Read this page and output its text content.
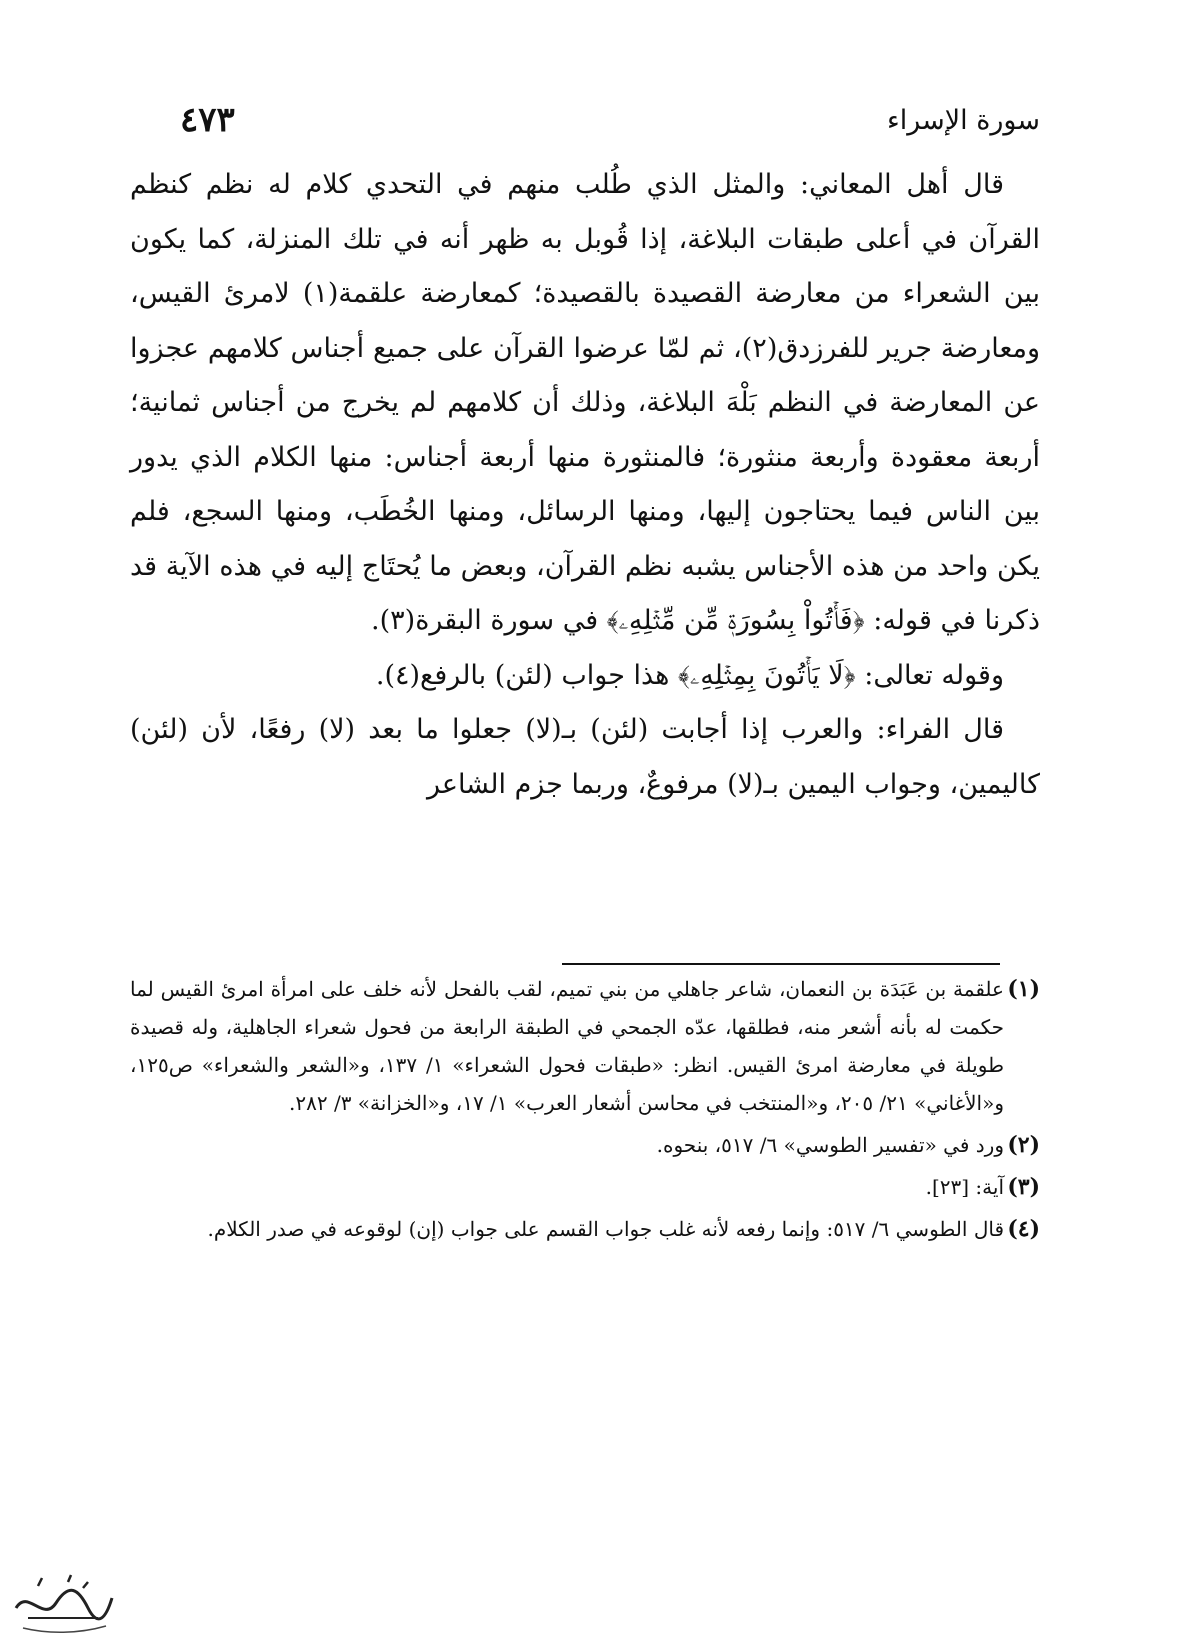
سورة الإسراء
٤٧٣

قال أهل المعاني: والمثل الذي طُلب منهم في التحدي كلام له نظم كنظم القرآن في أعلى طبقات البلاغة، إذا قُوبل به ظهر أنه في تلك المنزلة، كما يكون بين الشعراء من معارضة القصيدة بالقصيدة؛ كمعارضة علقمة(١) لامرئ القيس، ومعارضة جرير للفرزدق(٢)، ثم لمّا عرضوا القرآن على جميع أجناس كلامهم عجزوا عن المعارضة في النظم بَلْهَ البلاغة، وذلك أن كلامهم لم يخرج من أجناس ثمانية؛ أربعة معقودة وأربعة منثورة؛ فالمنثورة منها أربعة أجناس: منها الكلام الذي يدور بين الناس فيما يحتاجون إليها، ومنها الرسائل، ومنها الخُطَب، ومنها السجع، فلم يكن واحد من هذه الأجناس يشبه نظم القرآن، وبعض ما يُحتَاج إليه في هذه الآية قد ذكرنا في قوله: ﴿فَأۡتُواْ بِسُورَةٖ مِّن مِّثۡلِهِۦ﴾ في سورة البقرة(٣).

وقوله تعالى: ﴿لَا يَأۡتُونَ بِمِثۡلِهِۦ﴾ هذا جواب (لئن) بالرفع(٤).

قال الفراء: والعرب إذا أجابت (لئن) بـ(لا) جعلوا ما بعد (لا) رفعًا، لأن (لئن) كاليمين، وجواب اليمين بـ(لا) مرفوعٌ، وربما جزم الشاعر

(١)
علقمة بن عَبَدَة بن النعمان، شاعر جاهلي من بني تميم، لقب بالفحل لأنه خلف على امرأة امرئ القيس لما حكمت له بأنه أشعر منه، فطلقها، عدّه الجمحي في الطبقة الرابعة من فحول شعراء الجاهلية، وله قصيدة طويلة في معارضة امرئ القيس. انظر: «طبقات فحول الشعراء» ١/ ١٣٧، و«الشعر والشعراء» ص١٢٥، و«الأغاني» ٢١/ ٢٠٥، و«المنتخب في محاسن أشعار العرب» ١/ ١٧، و«الخزانة» ٣/ ٢٨٢.
(٢)
ورد في «تفسير الطوسي» ٦/ ٥١٧، بنحوه.
(٣)
آية: [٢٣].
(٤)
قال الطوسي ٦/ ٥١٧: وإنما رفعه لأنه غلب جواب القسم على جواب (إن) لوقوعه في صدر الكلام.
